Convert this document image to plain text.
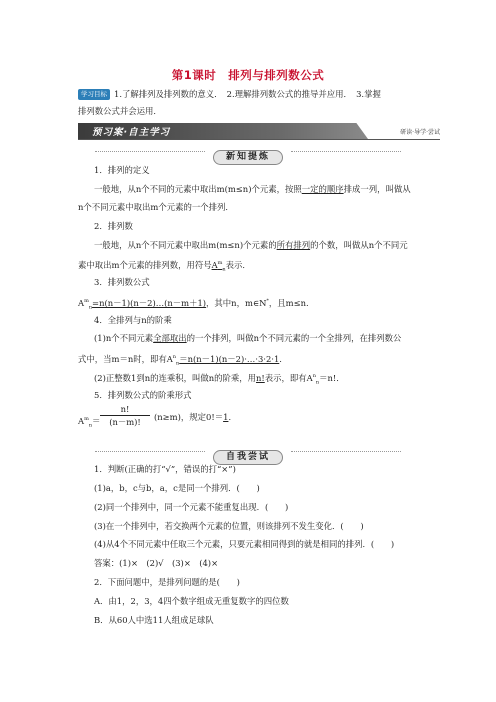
第1课时　排列与排列数公式
学习目标 1.了解排列及排列数的意义．　2.理解排列数公式的推导并应用．　3.掌握
排列数公式并会运用．
预习案·自主学习	研读·导学·尝试
新知提炼
1．排列的定义
一般地，从n个不同的元素中取出m(m≤n)个元素，按照一定的顺序排成一列，叫做从
n个不同元素中取出m个元素的一个排列．
2．排列数
一般地，从n个不同元素中取出m(m≤n)个元素的所有排列的个数，叫做从n个不同元
素中取出m个元素的排列数，用符号$A^m_n$表示．
3．排列数公式
$A^m_n=n(n-1)(n-2)\dots(n-m+1)$，其中n，m∈N*，且m≤n.
4．全排列与n的阶乘
(1)n个不同元素全部取出的一个排列，叫做n个不同元素的一个全排列，在排列数公
式中，当m＝n时，即有$A^n_n=n(n-1)(n-2)\cdot\dots\cdot 3\cdot 2\cdot 1$.
(2)正整数1到n的连乘积，叫做n的阶乘，用n!表示，即有$A^n_n=n$!．
5．排列数公式的阶乘形式
$A^m_n=$
n!
(n－m)!	(n≥m)，规定0!＝1．
自我尝试
1．判断(正确的打“√”，错误的打“×”)
(1)a，b，c与b，a，c是同一个排列．(　　)
(2)同一个排列中，同一个元素不能重复出现．(　　)
(3)在一个排列中，若交换两个元素的位置，则该排列不发生变化．(　　)
(4)从4个不同元素中任取三个元素，只要元素相同得到的就是相同的排列．(　　)
答案：(1)×　(2)√　(3)×　(4)×
2．下面问题中，是排列问题的是(　　)
A．由1，2，3，4四个数字组成无重复数字的四位数
B．从60人中选11人组成足球队
